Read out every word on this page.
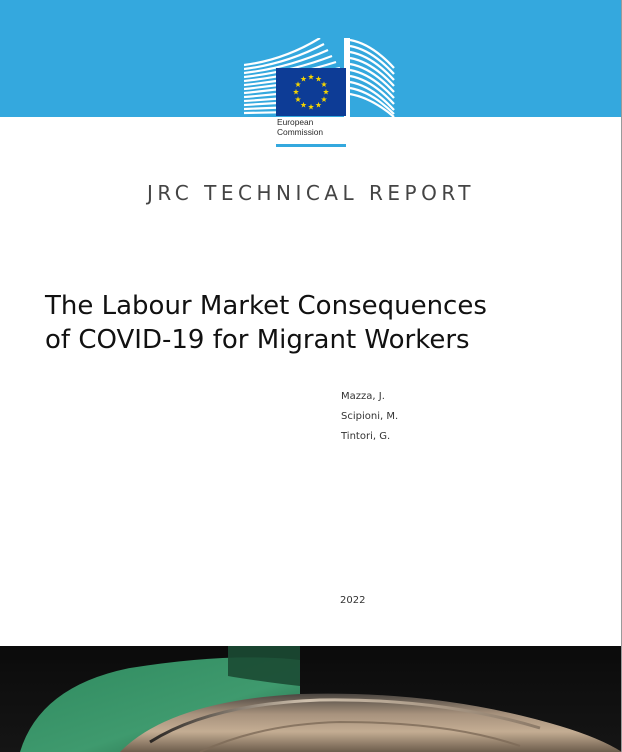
European
Commission
JRC TECHNICAL REPORT
The Labour Market Consequences
of COVID-19 for Migrant Workers
Mazza, J.
Scipioni, M.
Tintori, G.
2022
